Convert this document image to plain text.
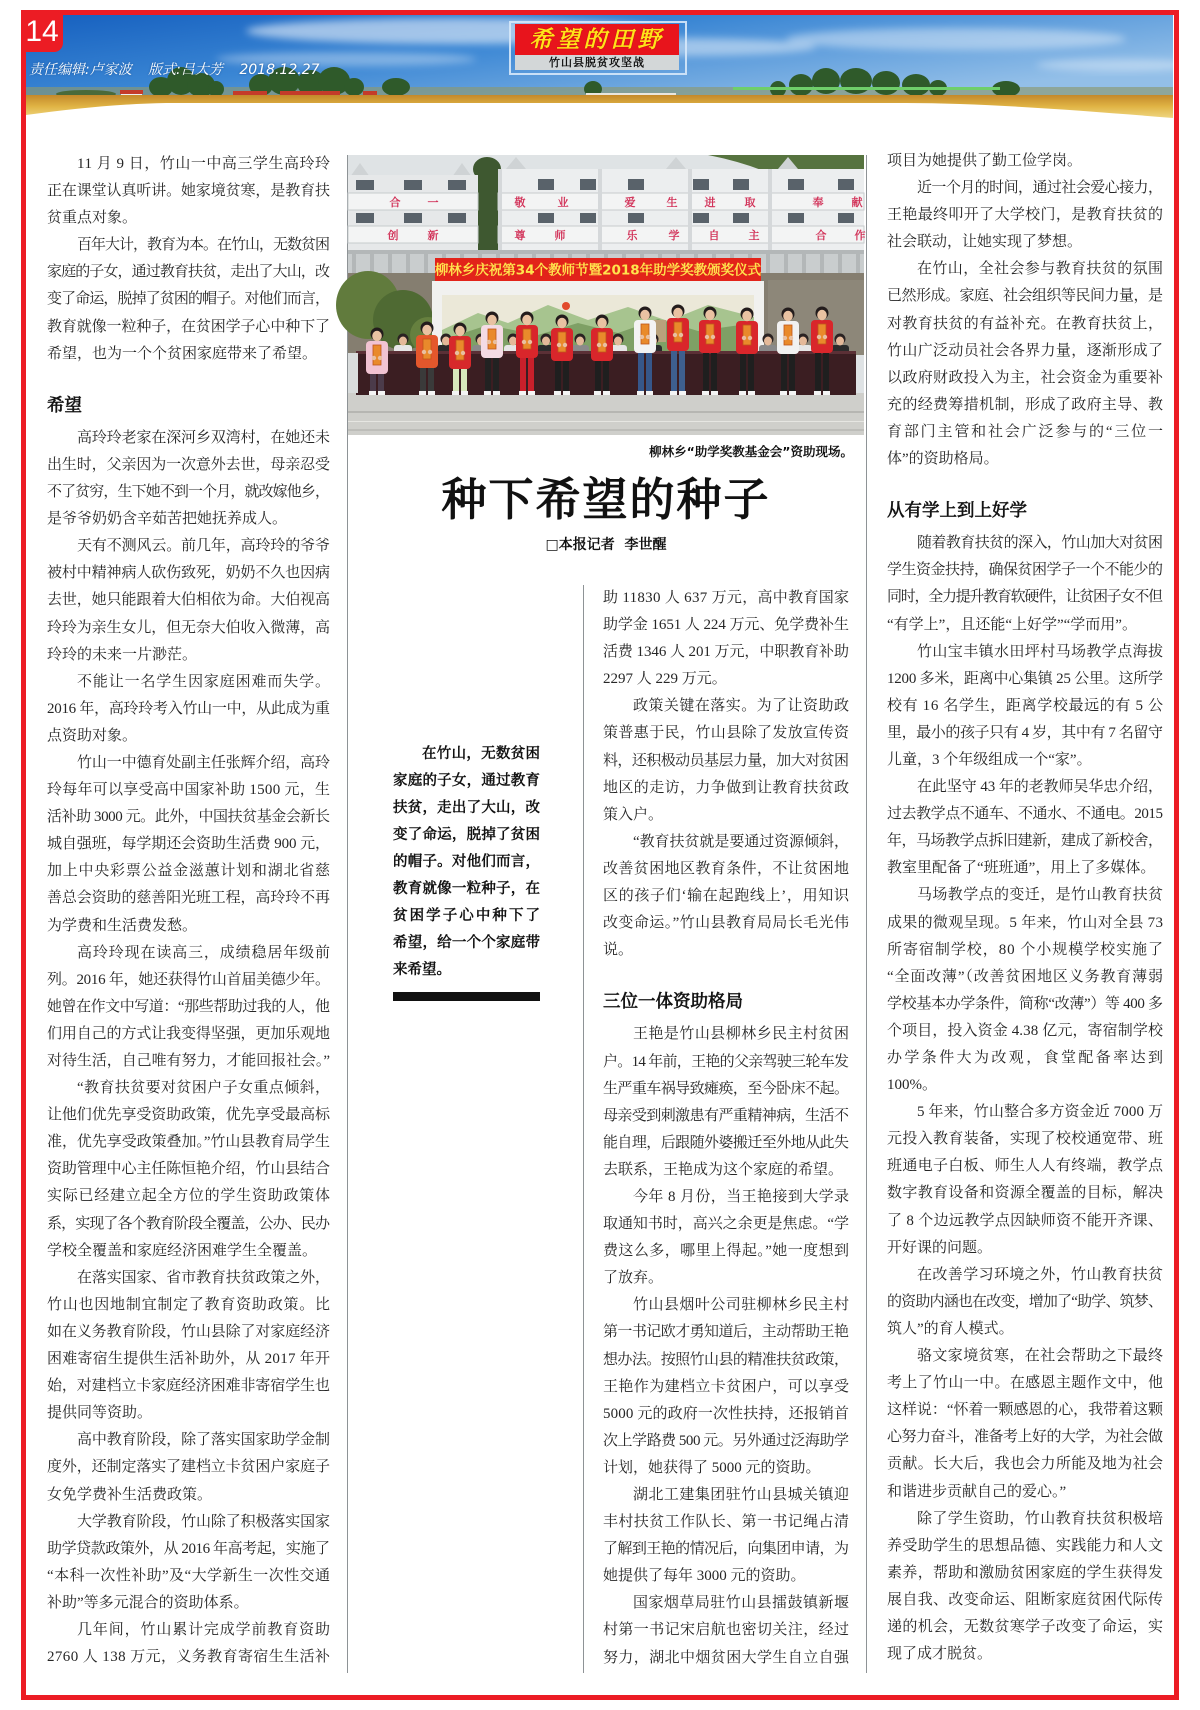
14
责任编辑:卢家波 版式:吕大芳 2018.12.27
希望的田野
竹山县脱贫攻坚战
合 一	敬	业	爱	生 进	取	奉	献
创	新	尊	师	乐	学	自	主	合	作
柳林乡庆祝第34个教师节暨2018年助学奖教颁奖仪式
柳林乡“助学奖教基金会”资助现场。
种下希望的种子
□本报记者  李世醒
11 月 9 日，竹山一中高三学生高玲玲
正在课堂认真听讲。她家境贫寒，是教育扶
贫重点对象。
百年大计，教育为本。在竹山，无数贫困
家庭的子女，通过教育扶贫，走出了大山，改
变了命运，脱掉了贫困的帽子。对他们而言，
教育就像一粒种子，在贫困学子心中种下了
希望，也为一个个贫困家庭带来了希望。
希望
高玲玲老家在深河乡双湾村，在她还未
出生时，父亲因为一次意外去世，母亲忍受
不了贫穷，生下她不到一个月，就改嫁他乡，
是爷爷奶奶含辛茹苦把她抚养成人。
天有不测风云。前几年，高玲玲的爷爷
被村中精神病人砍伤致死，奶奶不久也因病
去世，她只能跟着大伯相依为命。大伯视高
玲玲为亲生女儿，但无奈大伯收入微薄，高
玲玲的未来一片渺茫。
不能让一名学生因家庭困难而失学。
2016 年，高玲玲考入竹山一中，从此成为重
点资助对象。
竹山一中德育处副主任张辉介绍，高玲
玲每年可以享受高中国家补助 1500 元，生
活补助 3000 元。此外，中国扶贫基金会新长
城自强班，每学期还会资助生活费 900 元，
加上中央彩票公益金滋蕙计划和湖北省慈
善总会资助的慈善阳光班工程，高玲玲不再
为学费和生活费发愁。
高玲玲现在读高三，成绩稳居年级前
列。2016 年，她还获得竹山首届美德少年。
她曾在作文中写道：“那些帮助过我的人，他
们用自己的方式让我变得坚强，更加乐观地
对待生活，自己唯有努力，才能回报社会。”
“教育扶贫要对贫困户子女重点倾斜，
让他们优先享受资助政策，优先享受最高标
准，优先享受政策叠加。”竹山县教育局学生
资助管理中心主任陈恒艳介绍，竹山县结合
实际已经建立起全方位的学生资助政策体
系，实现了各个教育阶段全覆盖，公办、民办
学校全覆盖和家庭经济困难学生全覆盖。
在落实国家、省市教育扶贫政策之外，
竹山也因地制宜制定了教育资助政策。比
如在义务教育阶段，竹山县除了对家庭经济
困难寄宿生提供生活补助外，从 2017 年开
始，对建档立卡家庭经济困难非寄宿学生也
提供同等资助。
高中教育阶段，除了落实国家助学金制
度外，还制定落实了建档立卡贫困户家庭子
女免学费补生活费政策。
大学教育阶段，竹山除了积极落实国家
助学贷款政策外，从 2016 年高考起，实施了
“本科一次性补助”及“大学新生一次性交通
补助”等多元混合的资助体系。
几年间，竹山累计完成学前教育资助
2760 人 138 万元，义务教育寄宿生生活补
助 11830 人 637 万元，高中教育国家
助学金 1651 人 224 万元、免学费补生
活费 1346 人 201 万元，中职教育补助
2297 人 229 万元。
政策关键在落实。为了让资助政
策普惠于民，竹山县除了发放宣传资
料，还积极动员基层力量，加大对贫困
地区的走访，力争做到让教育扶贫政
策入户。
“教育扶贫就是要通过资源倾斜，
改善贫困地区教育条件，不让贫困地
区的孩子们‘输在起跑线上’，用知识
改变命运。”竹山县教育局局长毛光伟
说。
三位一体资助格局
王艳是竹山县柳林乡民主村贫困
户。14 年前，王艳的父亲驾驶三轮车发
生严重车祸导致瘫痪，至今卧床不起。
母亲受到刺激患有严重精神病，生活不
能自理，后跟随外婆搬迁至外地从此失
去联系，王艳成为这个家庭的希望。
今年 8 月份，当王艳接到大学录
取通知书时，高兴之余更是焦虑。“学
费这么多，哪里上得起。”她一度想到
了放弃。
竹山县烟叶公司驻柳林乡民主村
第一书记欧才勇知道后，主动帮助王艳
想办法。按照竹山县的精准扶贫政策，
王艳作为建档立卡贫困户，可以享受
5000 元的政府一次性扶持，还报销首
次上学路费 500 元。另外通过泛海助学
计划，她获得了 5000 元的资助。
湖北工建集团驻竹山县城关镇迎
丰村扶贫工作队长、第一书记绳占清
了解到王艳的情况后，向集团申请，为
她提供了每年 3000 元的资助。
国家烟草局驻竹山县擂鼓镇新堰
村第一书记宋启航也密切关注，经过
努力，湖北中烟贫困大学生自立自强
项目为她提供了勤工俭学岗。
近一个月的时间，通过社会爱心接力，
王艳最终叩开了大学校门，是教育扶贫的
社会联动，让她实现了梦想。
在竹山，全社会参与教育扶贫的氛围
已然形成。家庭、社会组织等民间力量，是
对教育扶贫的有益补充。在教育扶贫上，
竹山广泛动员社会各界力量，逐渐形成了
以政府财政投入为主，社会资金为重要补
充的经费筹措机制，形成了政府主导、教
育部门主管和社会广泛参与的“三位一
体”的资助格局。
从有学上到上好学
随着教育扶贫的深入，竹山加大对贫困
学生资金扶持，确保贫困学子一个不能少的
同时，全力提升教育软硬件，让贫困子女不但
“有学上”，且还能“上好学”“学而用”。
竹山宝丰镇水田坪村马场教学点海拔
1200 多米，距离中心集镇 25 公里。这所学
校有 16 名学生，距离学校最远的有 5 公
里，最小的孩子只有 4 岁，其中有 7 名留守
儿童，3 个年级组成一个“家”。
在此坚守 43 年的老教师吴华忠介绍，
过去教学点不通车、不通水、不通电。2015
年，马场教学点拆旧建新，建成了新校舍，
教室里配备了“班班通”，用上了多媒体。
马场教学点的变迁，是竹山教育扶贫
成果的微观呈现。5 年来，竹山对全县 73
所寄宿制学校，80 个小规模学校实施了
“全面改薄”（改善贫困地区义务教育薄弱
学校基本办学条件，简称“改薄”）等 400 多
个项目，投入资金 4.38 亿元，寄宿制学校
办学条件大为改观，食堂配备率达到
100%。
5 年来，竹山整合多方资金近 7000 万
元投入教育装备，实现了校校通宽带、班
班通电子白板、师生人人有终端，教学点
数字教育设备和资源全覆盖的目标，解决
了 8 个边远教学点因缺师资不能开齐课、
开好课的问题。
在改善学习环境之外，竹山教育扶贫
的资助内涵也在改变，增加了“助学、筑梦、
筑人”的育人模式。
骆文家境贫寒，在社会帮助之下最终
考上了竹山一中。在感恩主题作文中，他
这样说：“怀着一颗感恩的心，我带着这颗
心努力奋斗，准备考上好的大学，为社会做
贡献。长大后，我也会力所能及地为社会
和谐进步贡献自己的爱心。”
除了学生资助，竹山教育扶贫积极培
养受助学生的思想品德、实践能力和人文
素养，帮助和激励贫困家庭的学生获得发
展自我、改变命运、阻断家庭贫困代际传
递的机会，无数贫寒学子改变了命运，实
现了成才脱贫。
在竹山，无数贫困
家庭的子女，通过教育
扶贫，走出了大山，改
变了命运，脱掉了贫困
的帽子。对他们而言，
教育就像一粒种子，在
贫困学子心中种下了
希望，给一个个家庭带
来希望。
